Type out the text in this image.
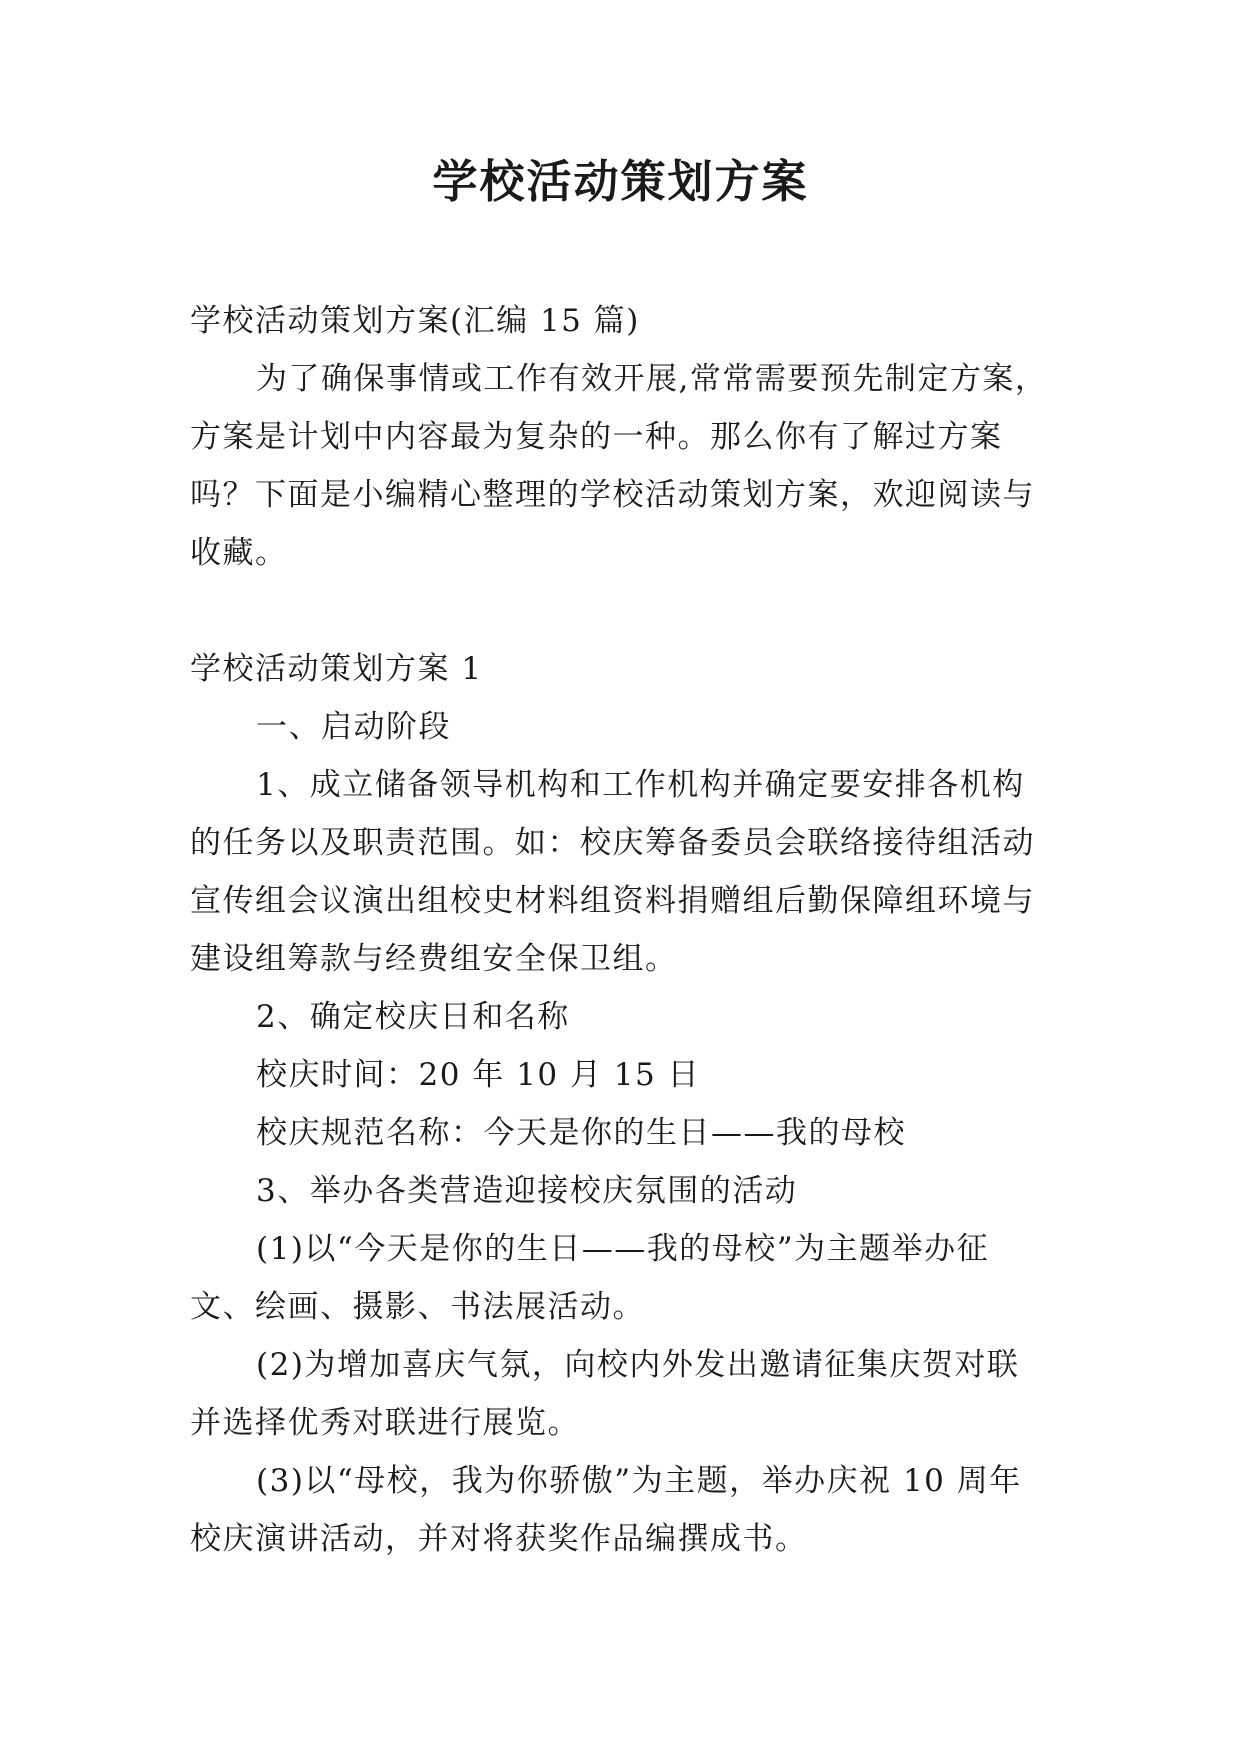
学校活动策划方案

学校活动策划方案(汇编 15 篇)

为了确保事情或工作有效开展,常常需要预先制定方案，方案是计划中内容最为复杂的一种。那么你有了解过方案吗？下面是小编精心整理的学校活动策划方案，欢迎阅读与收藏。

学校活动策划方案 1

一、启动阶段

1、成立储备领导机构和工作机构并确定要安排各机构的任务以及职责范围。如：校庆筹备委员会联络接待组活动宣传组会议演出组校史材料组资料捐赠组后勤保障组环境与建设组筹款与经费组安全保卫组。

2、确定校庆日和名称

校庆时间：20 年 10 月 15 日

校庆规范名称：今天是你的生日——我的母校

3、举办各类营造迎接校庆氛围的活动

(1)以“今天是你的生日——我的母校”为主题举办征文、绘画、摄影、书法展活动。

(2)为增加喜庆气氛，向校内外发出邀请征集庆贺对联并选择优秀对联进行展览。

(3)以“母校，我为你骄傲”为主题，举办庆祝 10 周年校庆演讲活动，并对将获奖作品编撰成书。
